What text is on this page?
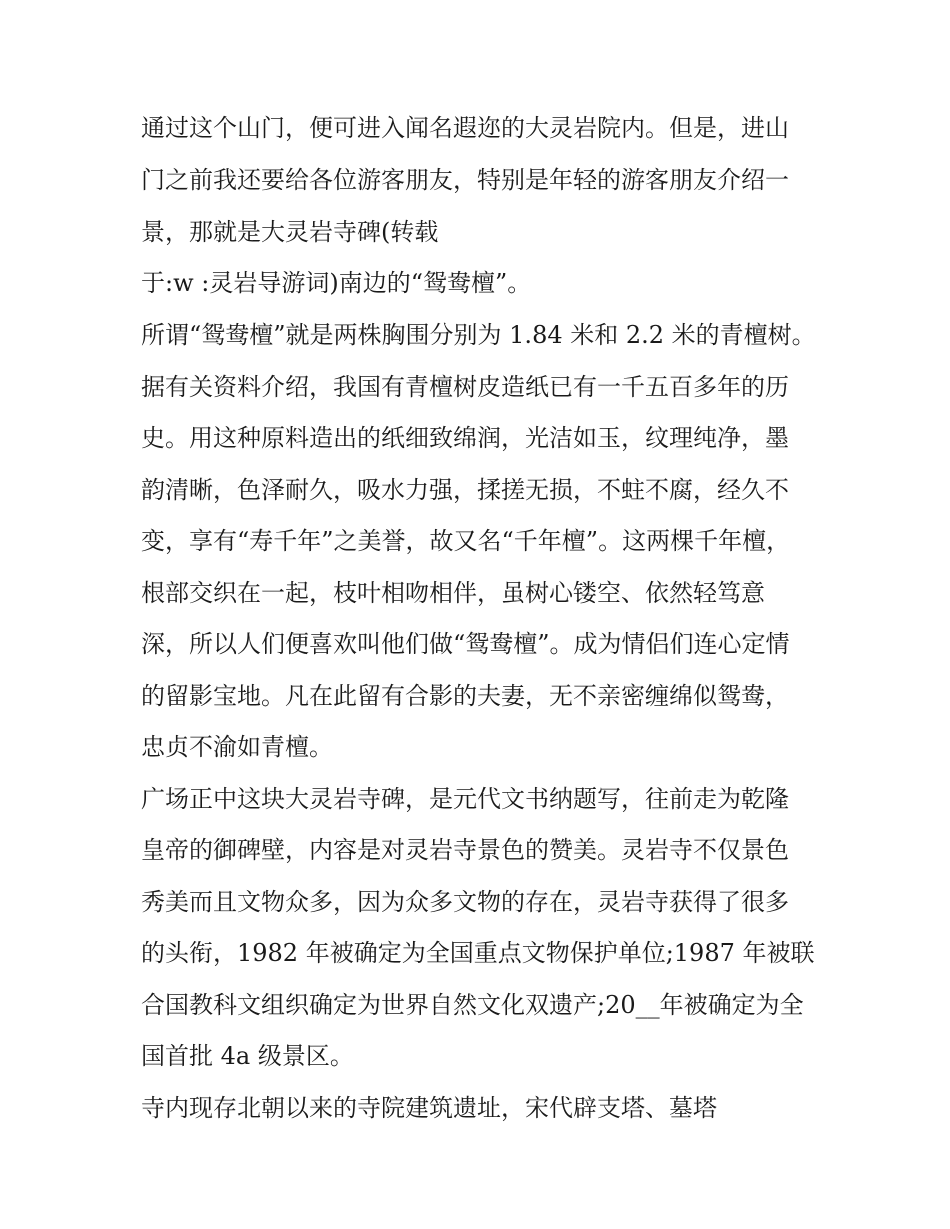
通过这个山门，便可进入闻名遐迩的大灵岩院内。但是，进山
门之前我还要给各位游客朋友，特别是年轻的游客朋友介绍一
景，那就是大灵岩寺碑(转载
于:w :灵岩导游词)南边的“鸳鸯檀”。
所谓“鸳鸯檀”就是两株胸围分别为 1.84 米和 2.2 米的青檀树。
据有关资料介绍，我国有青檀树皮造纸已有一千五百多年的历
史。用这种原料造出的纸细致绵润，光洁如玉，纹理纯净，墨
韵清晰，色泽耐久，吸水力强，揉搓无损，不蛀不腐，经久不
变，享有“寿千年”之美誉，故又名“千年檀”。这两棵千年檀，
根部交织在一起，枝叶相吻相伴，虽树心镂空、依然轻笃意
深，所以人们便喜欢叫他们做“鸳鸯檀”。成为情侣们连心定情
的留影宝地。凡在此留有合影的夫妻，无不亲密缠绵似鸳鸯，
忠贞不渝如青檀。
广场正中这块大灵岩寺碑，是元代文书纳题写，往前走为乾隆
皇帝的御碑壁，内容是对灵岩寺景色的赞美。灵岩寺不仅景色
秀美而且文物众多，因为众多文物的存在，灵岩寺获得了很多
的头衔，1982 年被确定为全国重点文物保护单位;1987 年被联
合国教科文组织确定为世界自然文化双遗产;20__年被确定为全
国首批 4a 级景区。
寺内现存北朝以来的寺院建筑遗址，宋代辟支塔、墓塔
